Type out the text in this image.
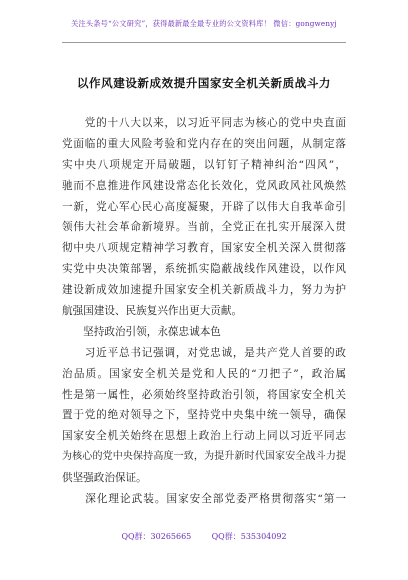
关注头条号“公文研究”，获得最新最全最专业的公文资料库！ 微信：gongwenyj
以作风建设新成效提升国家安全机关新质战斗力
　　党的十八大以来，以习近平同志为核心的党中央直面
党面临的重大风险考验和党内存在的突出问题，从制定落
实中央八项规定开局破题，以钉钉子精神纠治“四风”，
驰而不息推进作风建设常态化长效化，党风政风社风焕然
一新，党心军心民心高度凝聚，开辟了以伟大自我革命引
领伟大社会革命新境界。当前，全党正在扎实开展深入贯
彻中央八项规定精神学习教育，国家安全机关深入贯彻落
实党中央决策部署，系统抓实隐蔽战线作风建设，以作风
建设新成效加速提升国家安全机关新质战斗力，努力为护
航强国建设、民族复兴作出更大贡献。
　　坚持政治引领，永葆忠诚本色
　　习近平总书记强调，对党忠诚，是共产党人首要的政
治品质。国家安全机关是党和人民的“刀把子”，政治属
性是第一属性，必须始终坚持政治引领，将国家安全机关
置于党的绝对领导之下，坚持党中央集中统一领导，确保
国家安全机关始终在思想上政治上行动上同以习近平同志
为核心的党中央保持高度一致，为提升新时代国家安全战斗力提
供坚强政治保证。
　　深化理论武装。国家安全部党委严格贯彻落实“第一
QQ群：30265665        QQ群：535304092
